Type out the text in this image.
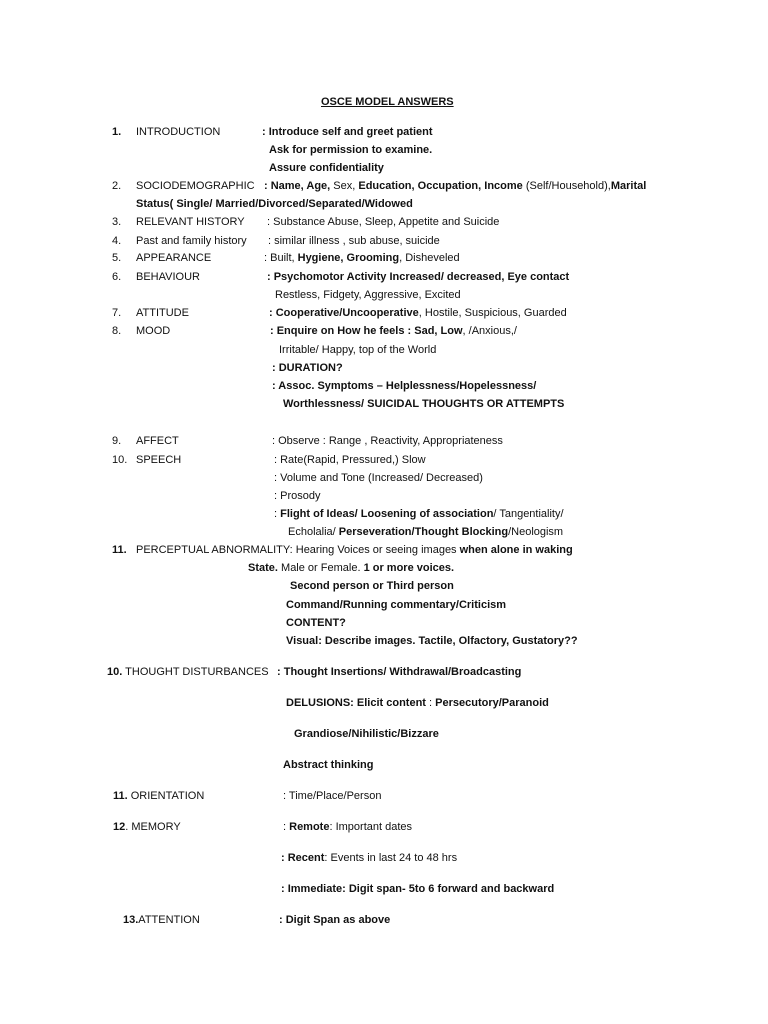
OSCE MODEL ANSWERS
1. INTRODUCTION	: Introduce self and greet patient
Ask for permission to examine.
Assure confidentiality
2. SOCIODEMOGRAPHIC : Name, Age, Sex, Education, Occupation, Income (Self/Household),Marital
Status( Single/ Married/Divorced/Separated/Widowed
3. RELEVANT HISTORY : Substance Abuse, Sleep, Appetite and Suicide
4. Past and family history : similar illness , sub abuse, suicide
5. APPEARANCE	: Built, Hygiene, Grooming, Disheveled
6. BEHAVIOUR	: Psychomotor Activity Increased/ decreased, Eye contact
Restless, Fidgety, Aggressive, Excited
7. ATTITUDE	: Cooperative/Uncooperative, Hostile, Suspicious, Guarded
8. MOOD	: Enquire on How he feels : Sad, Low, /Anxious,/
Irritable/ Happy, top of the World
: DURATION?
: Assoc. Symptoms – Helplessness/Hopelessness/
Worthlessness/ SUICIDAL THOUGHTS OR ATTEMPTS
9. AFFECT	: Observe : Range , Reactivity, Appropriateness
10. SPEECH	: Rate(Rapid, Pressured,) Slow
: Volume and Tone (Increased/ Decreased)
: Prosody
: Flight of Ideas/ Loosening of association/ Tangentiality/
Echolalia/ Perseveration/Thought Blocking/Neologism
11. PERCEPTUAL ABNORMALITY: Hearing Voices or seeing images when alone in waking
State. Male or Female. 1 or more voices.
Second person or Third person
Command/Running commentary/Criticism
CONTENT?
Visual: Describe images. Tactile, Olfactory, Gustatory??
10. THOUGHT DISTURBANCES : Thought Insertions/ Withdrawal/Broadcasting
DELUSIONS: Elicit content : Persecutory/Paranoid
Grandiose/Nihilistic/Bizzare
Abstract thinking
11. ORIENTATION	: Time/Place/Person
12. MEMORY	: Remote: Important dates
: Recent: Events in last 24 to 48 hrs
: Immediate: Digit span- 5to 6 forward and backward
13.ATTENTION	: Digit Span as above
